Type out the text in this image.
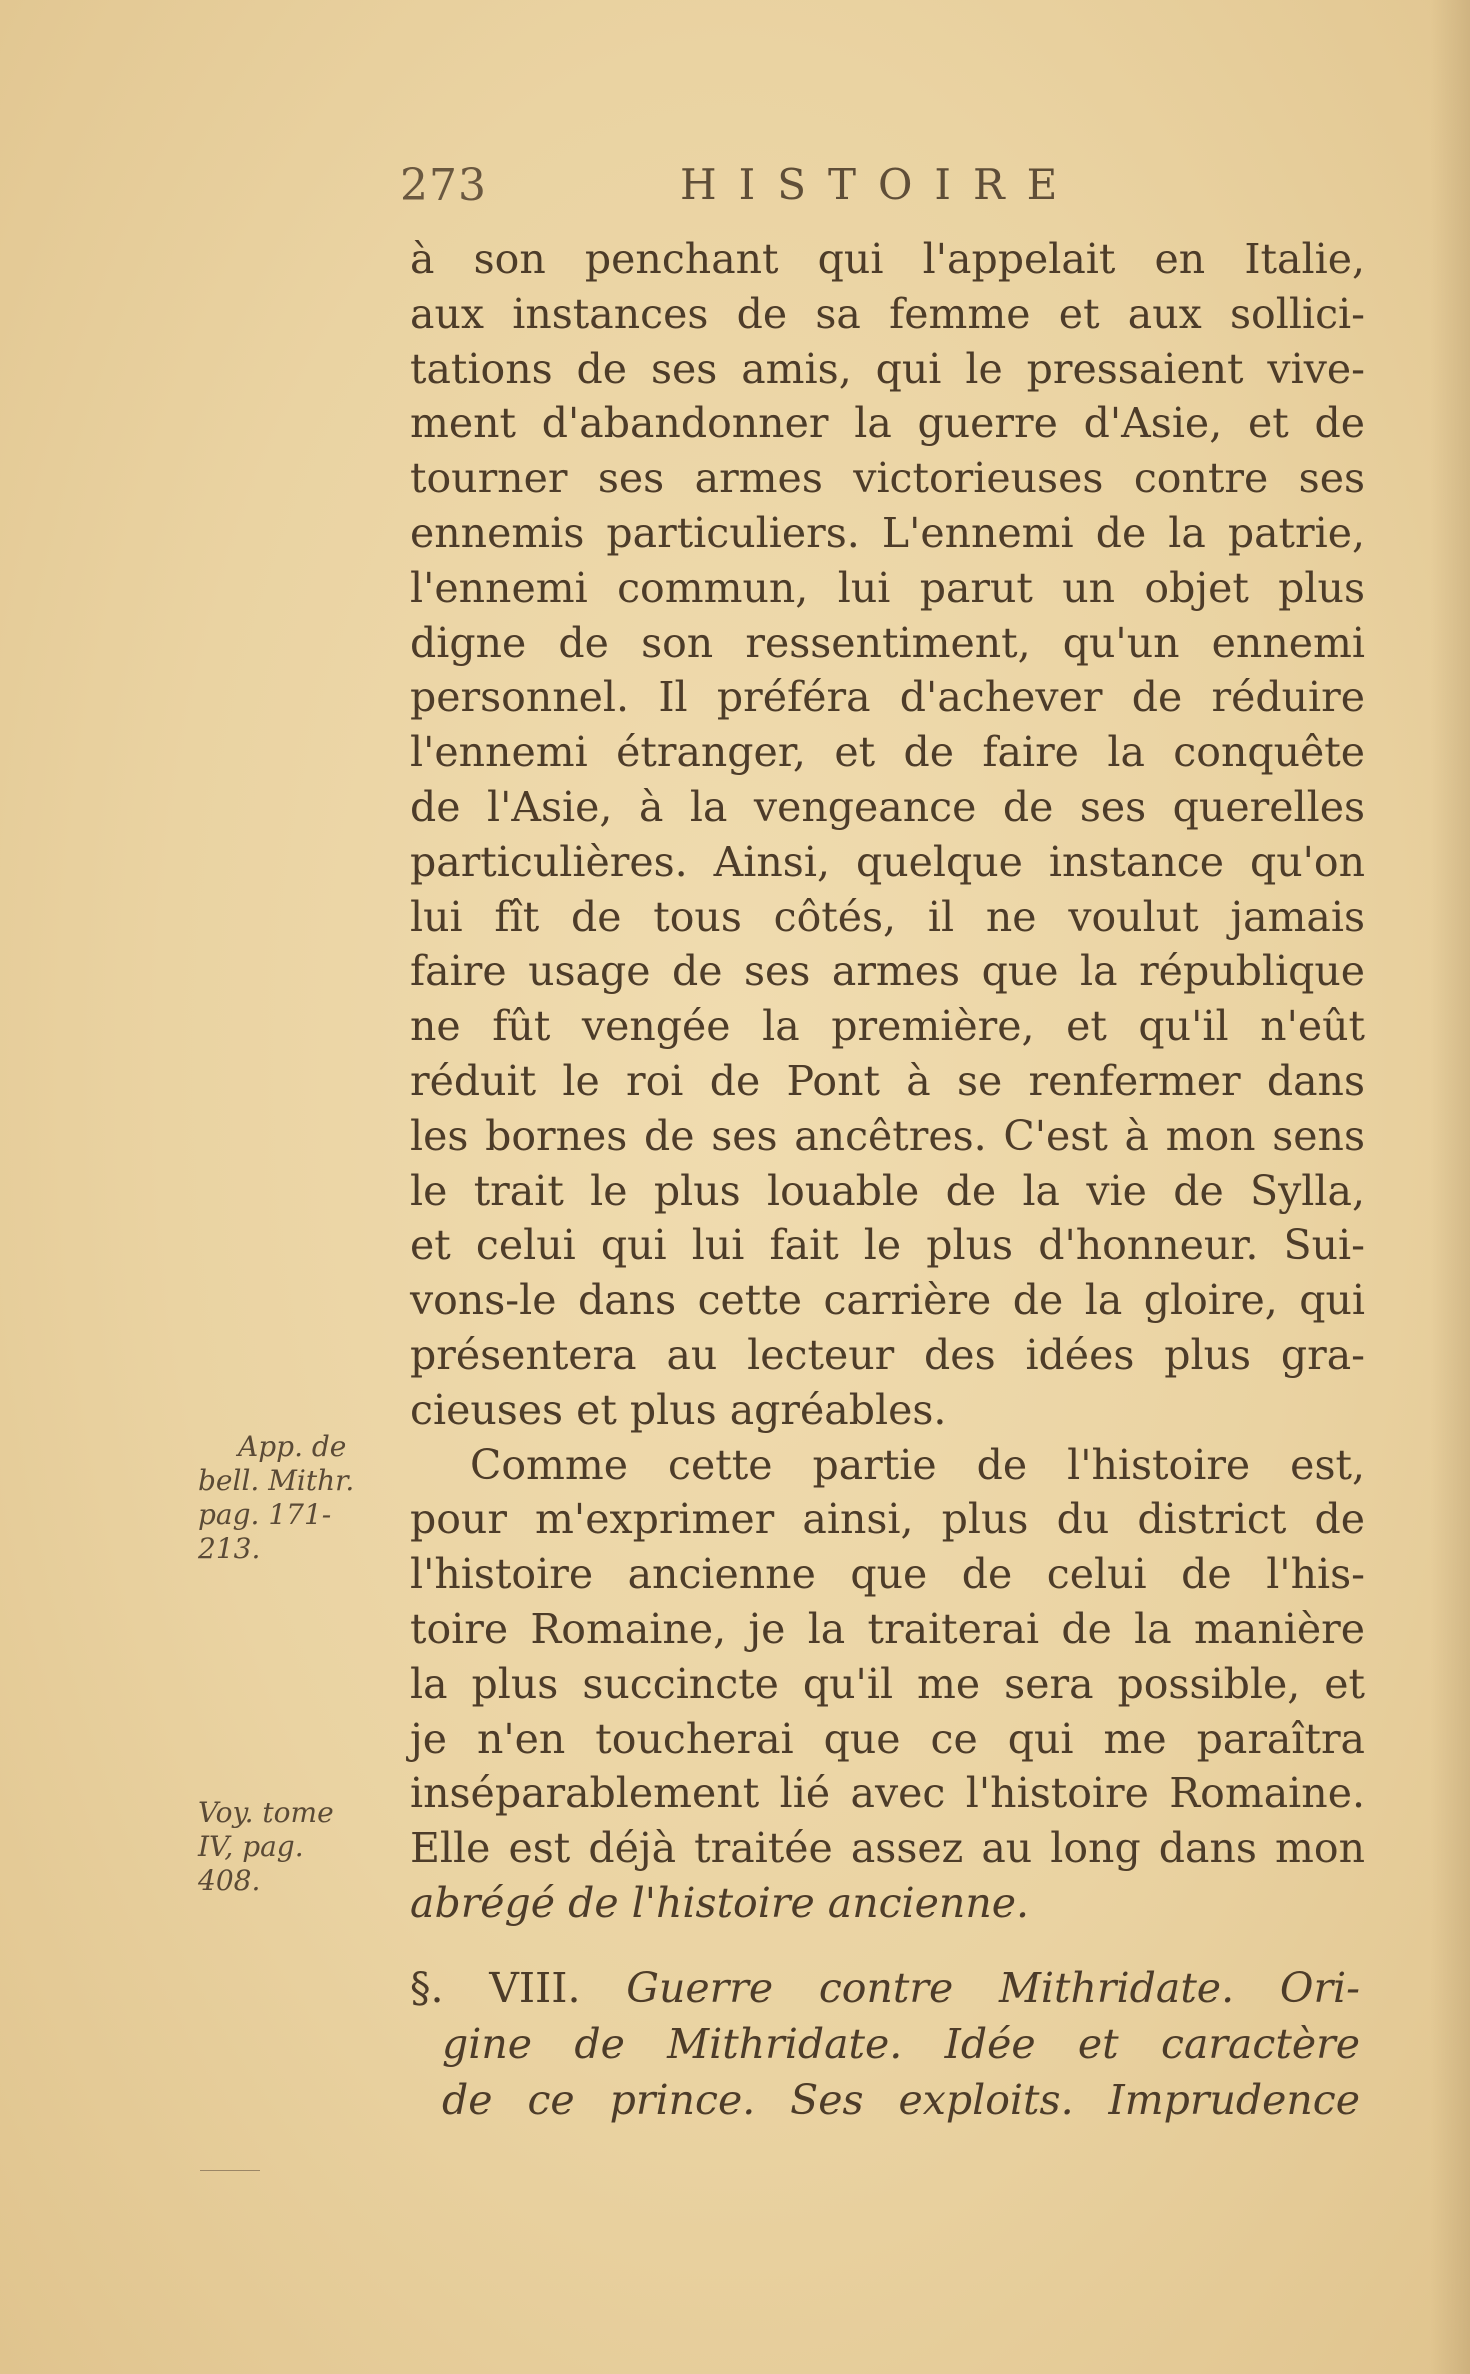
273	HISTOIRE
à son penchant qui l'appelait en Italie,
aux instances de sa femme et aux sollici-
tations de ses amis, qui le pressaient vive-
ment d'abandonner la guerre d'Asie, et de
tourner ses armes victorieuses contre ses
ennemis particuliers. L'ennemi de la patrie,
l'ennemi commun, lui parut un objet plus
digne de son ressentiment, qu'un ennemi
personnel. Il préféra d'achever de réduire
l'ennemi étranger, et de faire la conquête
de l'Asie, à la vengeance de ses querelles
particulières. Ainsi, quelque instance qu'on
lui fît de tous côtés, il ne voulut jamais
faire usage de ses armes que la république
ne fût vengée la première, et qu'il n'eût
réduit le roi de Pont à se renfermer dans
les bornes de ses ancêtres. C'est à mon sens
le trait le plus louable de la vie de Sylla,
et celui qui lui fait le plus d'honneur. Sui-
vons-le dans cette carrière de la gloire, qui
présentera au lecteur des idées plus gra-
cieuses et plus agréables.
Comme cette partie de l'histoire est,
pour m'exprimer ainsi, plus du district de
l'histoire ancienne que de celui de l'his-
toire Romaine, je la traiterai de la manière
la plus succincte qu'il me sera possible, et
je n'en toucherai que ce qui me paraîtra
inséparablement lié avec l'histoire Romaine.
Elle est déjà traitée assez au long dans mon
abrégé de l'histoire ancienne.
App. de
bell. Mithr.
pag. 171-
213.
Voy. tome
IV, pag.
408.
§. VIII. Guerre contre Mithridate. Ori-
gine de Mithridate. Idée et caractère
de ce prince. Ses exploits. Imprudence
